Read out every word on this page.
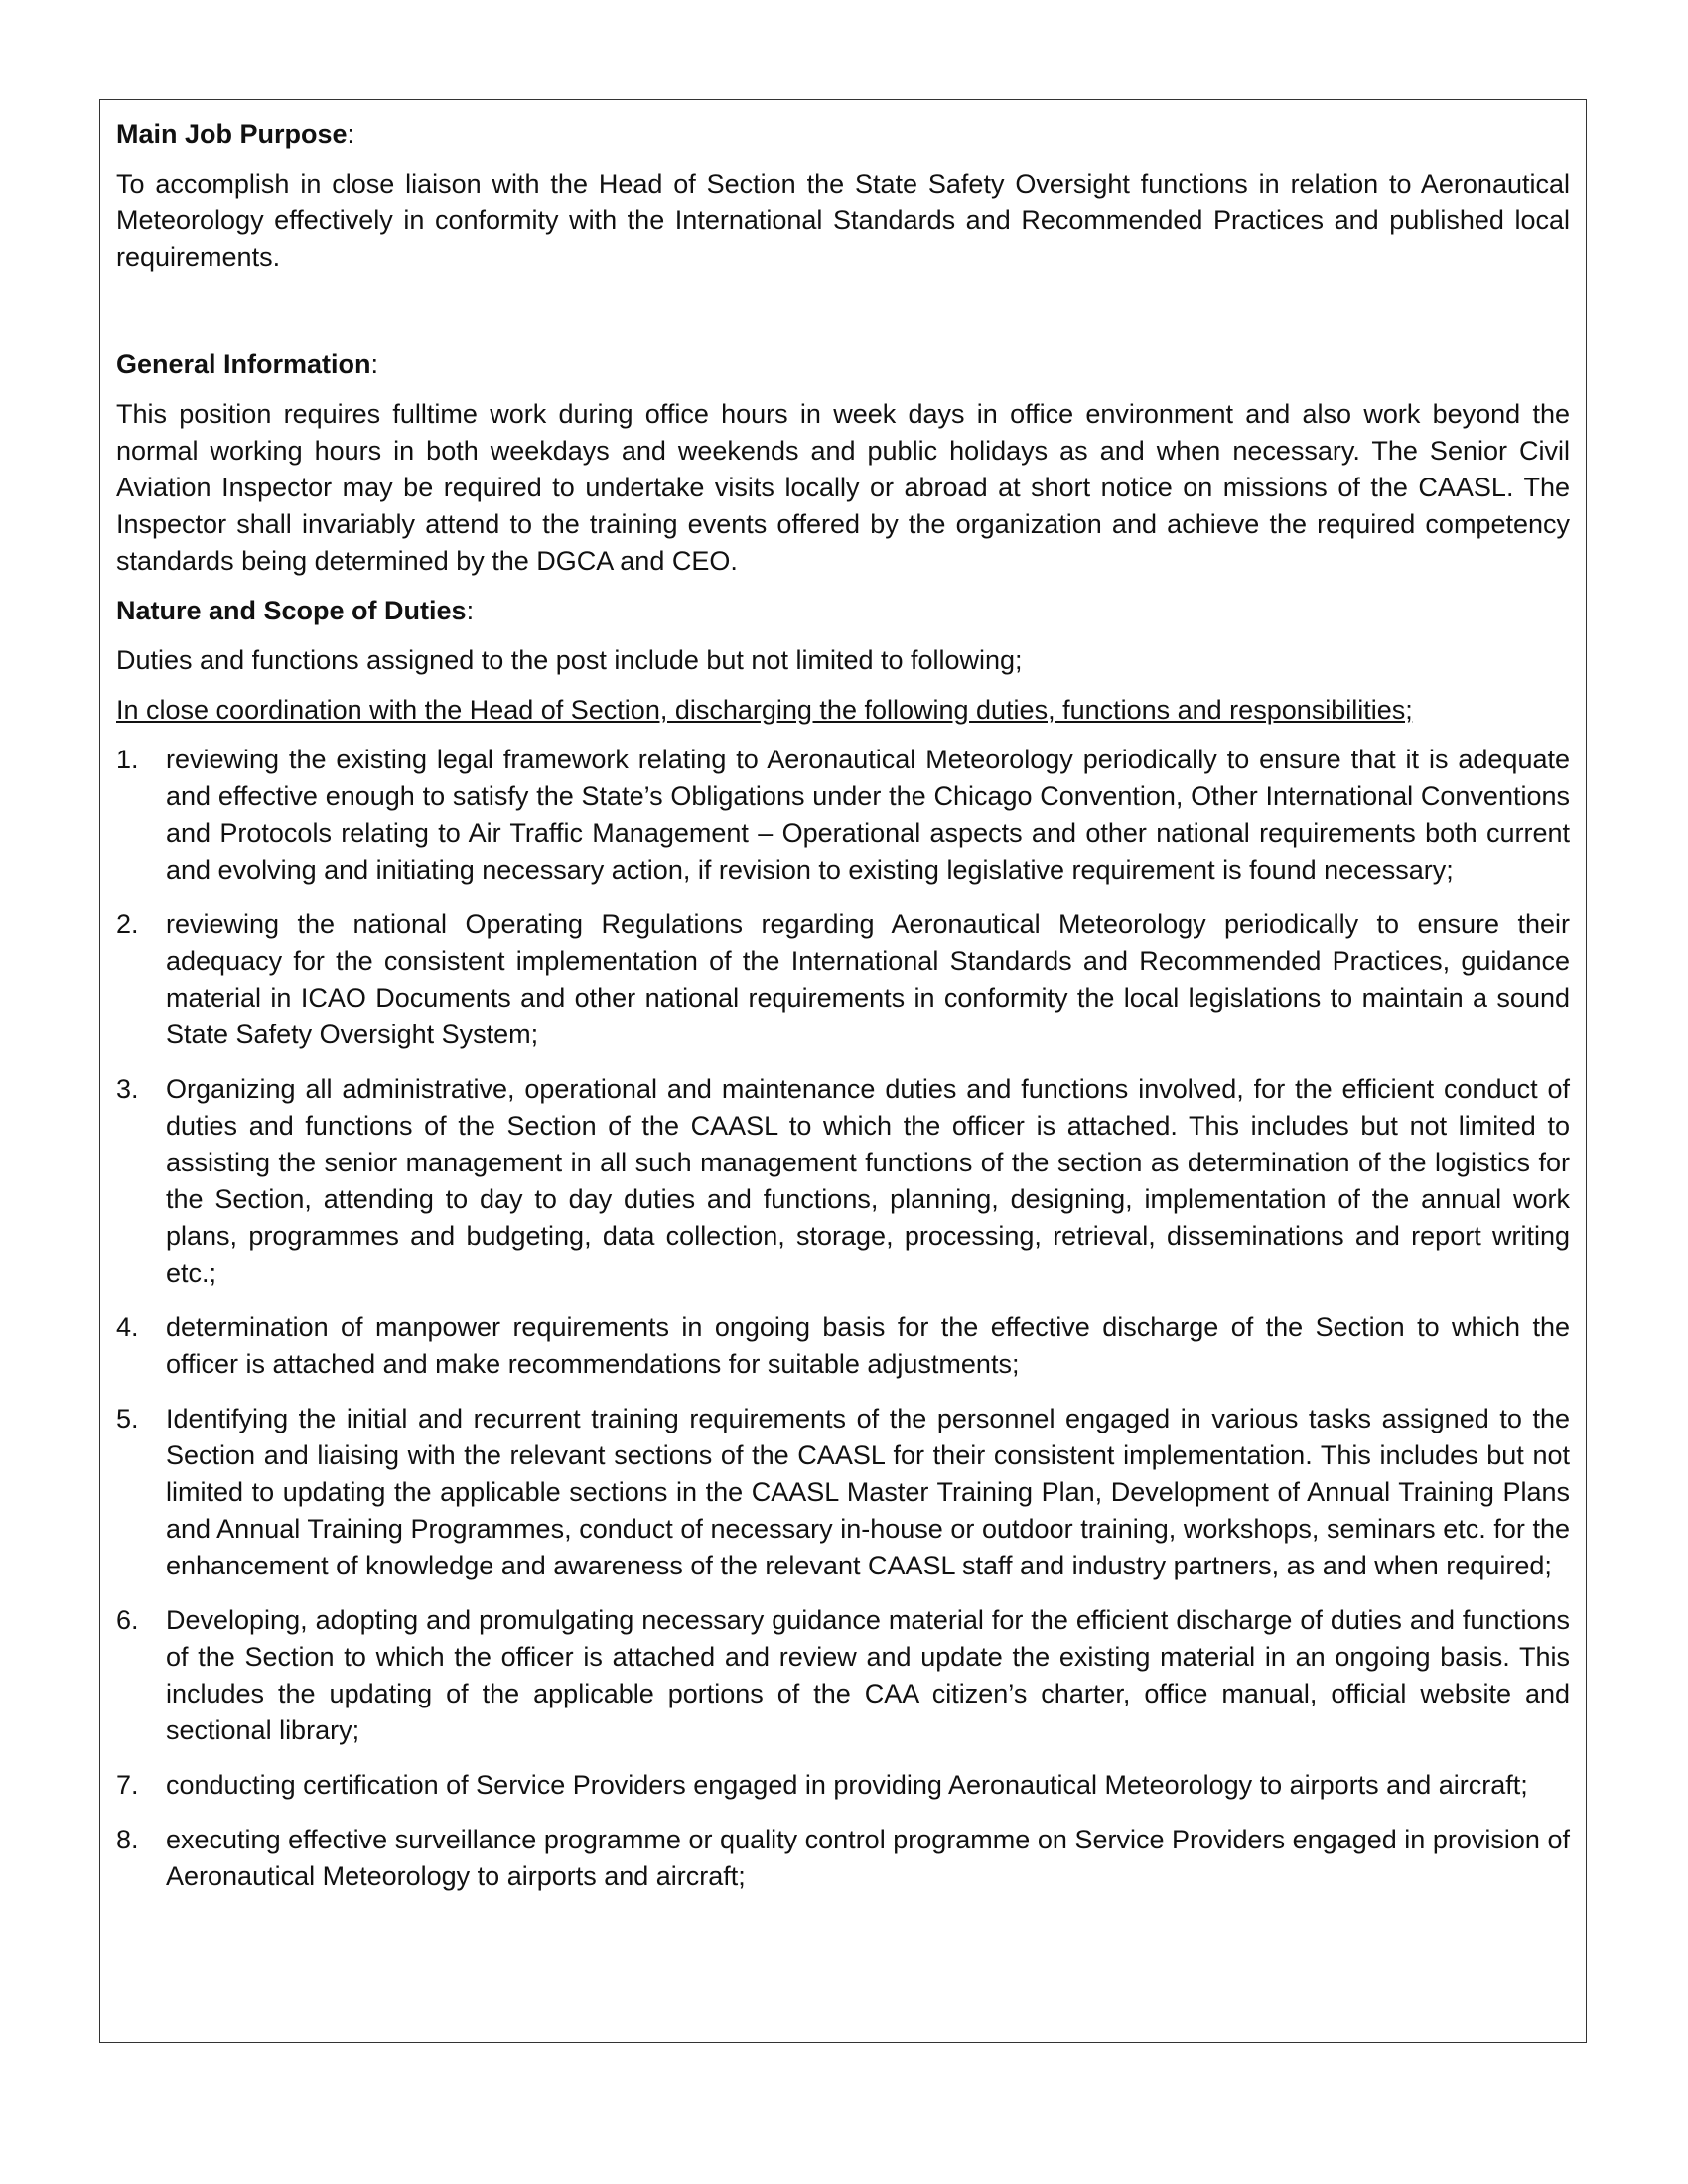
Main Job Purpose:

To accomplish in close liaison with the Head of Section the State Safety Oversight functions in relation to Aeronautical Meteorology effectively in conformity with the International Standards and Recommended Practices and published local requirements.

General Information:

This position requires fulltime work during office hours in week days in office environment and also work beyond the normal working hours in both weekdays and weekends and public holidays as and when necessary. The Senior Civil Aviation Inspector may be required to undertake visits locally or abroad at short notice on missions of the CAASL. The Inspector shall invariably attend to the training events offered by the organization and achieve the required competency standards being determined by the DGCA and CEO.

Nature and Scope of Duties:

Duties and functions assigned to the post include but not limited to following;

In close coordination with the Head of Section, discharging the following duties, functions and responsibilities;

1.	reviewing the existing legal framework relating to Aeronautical Meteorology periodically to ensure that it is adequate and effective enough to satisfy the State’s Obligations under the Chicago Convention, Other International Conventions and Protocols relating to Air Traffic Management – Operational aspects and other national requirements both current and evolving and initiating necessary action, if revision to existing legislative requirement is found necessary;
2.	reviewing the national Operating Regulations regarding Aeronautical Meteorology periodically to ensure their adequacy for the consistent implementation of the International Standards and Recommended Practices, guidance material in ICAO Documents and other national requirements in conformity the local legislations to maintain a sound State Safety Oversight System;
3.	Organizing all administrative, operational and maintenance duties and functions involved, for the efficient conduct of duties and functions of the Section of the CAASL to which the officer is attached. This includes but not limited to assisting the senior management in all such management functions of the section as determination of the logistics for the Section, attending to day to day duties and functions, planning, designing, implementation of the annual work plans, programmes and budgeting, data collection, storage, processing, retrieval, disseminations and report writing etc.;
4.	determination of manpower requirements in ongoing basis for the effective discharge of the Section to which the officer is attached and make recommendations for suitable adjustments;
5.	Identifying the initial and recurrent training requirements of the personnel engaged in various tasks assigned to the Section and liaising with the relevant sections of the CAASL for their consistent implementation. This includes but not limited to updating the applicable sections in the CAASL Master Training Plan, Development of Annual Training Plans and Annual Training Programmes, conduct of necessary in-house or outdoor training, workshops, seminars etc. for the enhancement of knowledge and awareness of the relevant CAASL staff and industry partners, as and when required;
6.	Developing, adopting and promulgating necessary guidance material for the efficient discharge of duties and functions of the Section to which the officer is attached and review and update the existing material in an ongoing basis. This includes the updating of the applicable portions of the CAA citizen’s charter, office manual, official website and sectional library;
7.	conducting certification of Service Providers engaged in providing Aeronautical Meteorology to airports and aircraft;
8.	executing effective surveillance programme or quality control programme on Service Providers engaged in provision of Aeronautical Meteorology to airports and aircraft;
